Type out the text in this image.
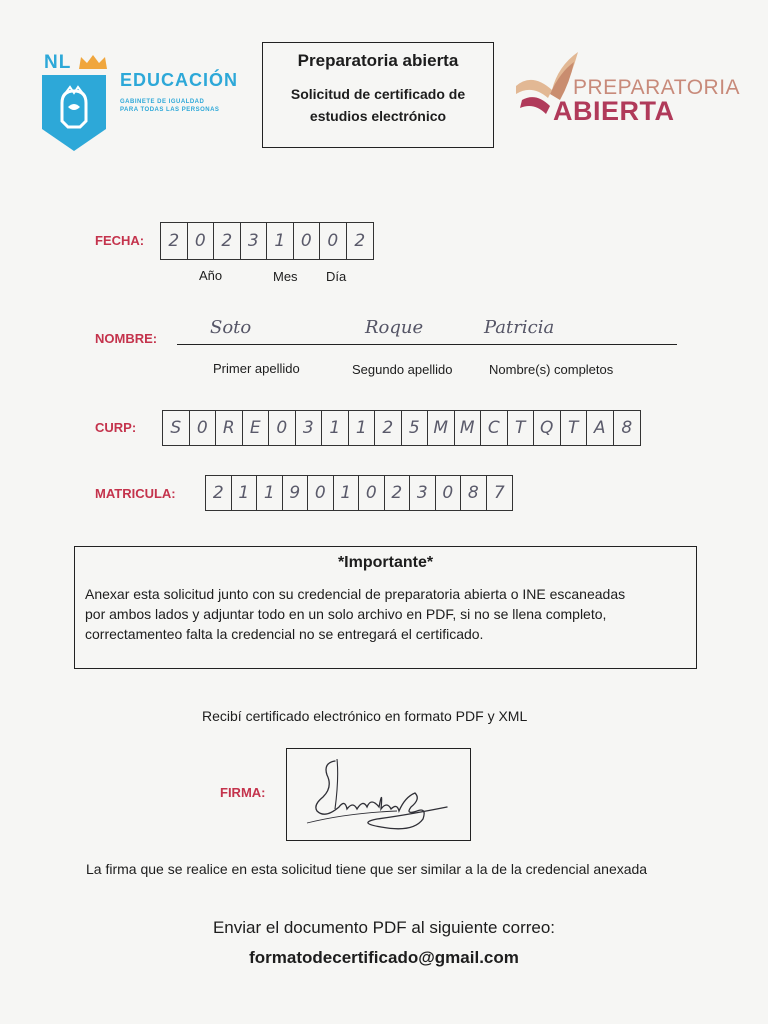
NL
EDUCACIÓN
GABINETE DE IGUALDAD
PARA TODAS LAS PERSONAS
Preparatoria abierta
Solicitud de certificado de
estudios electrónico
PREPARATORIA
ABIERTA
FECHA:	2 0 2 3 1 0 0 2
Año	Mes Día
NOMBRE:
Soto	Roque	Patricia
Primer apellido	Segundo apellido	Nombre(s) completos
CURP:	S 0 R E 0 3 1 1 2 5 M M C T Q T A 8
MATRICULA:	2 1 1 9 0 1 0 2 3 0 8 7
*Importante*
Anexar esta solicitud junto con su credencial de preparatoria abierta o INE escaneadas
por ambos lados y adjuntar todo en un solo archivo en PDF, si no se llena completo,
correctamenteo falta la credencial no se entregará el certificado.
Recibí certificado electrónico en formato PDF y XML
FIRMA:
La firma que se realice en esta solicitud tiene que ser similar a la de la credencial anexada
Enviar el documento PDF al siguiente correo:
formatodecertificado@gmail.com
